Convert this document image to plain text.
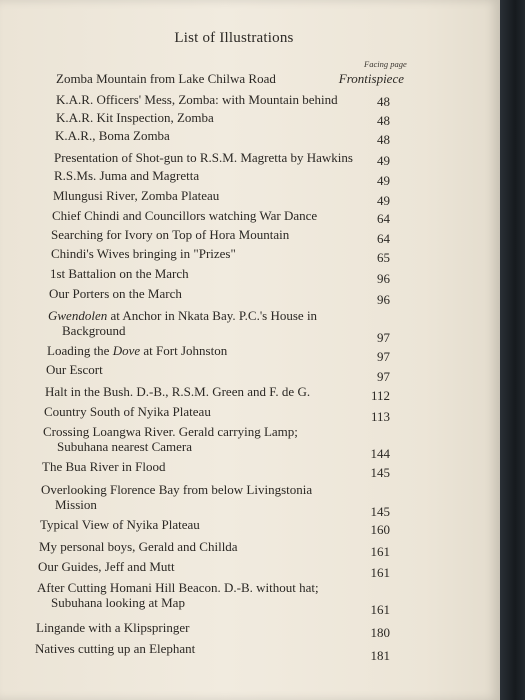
List of Illustrations
Facing page
Zomba Mountain from Lake Chilwa Road	Frontispiece
K.A.R. Officers' Mess, Zomba: with Mountain behind	48
K.A.R. Kit Inspection, Zomba	48
K.A.R., Boma Zomba	48
Presentation of Shot-gun to R.S.M. Magretta by Hawkins	49
R.S.Ms. Juma and Magretta	49
Mlungusi River, Zomba Plateau	49
Chief Chindi and Councillors watching War Dance	64
Searching for Ivory on Top of Hora Mountain	64
Chindi's Wives bringing in "Prizes"	65
1st Battalion on the March	96
Our Porters on the March	96
Gwendolen at Anchor in Nkata Bay. P.C.'s House in
Background	97
Loading the Dove at Fort Johnston	97
Our Escort	97
Halt in the Bush. D.-B., R.S.M. Green and F. de G.	112
Country South of Nyika Plateau	113
Crossing Loangwa River. Gerald carrying Lamp;
Subuhana nearest Camera	144
The Bua River in Flood	145
Overlooking Florence Bay from below Livingstonia
Mission	145
Typical View of Nyika Plateau	160
My personal boys, Gerald and Chillda	161
Our Guides, Jeff and Mutt	161
After Cutting Homani Hill Beacon. D.-B. without hat;
Subuhana looking at Map	161
Lingande with a Klipspringer	180
Natives cutting up an Elephant	181
